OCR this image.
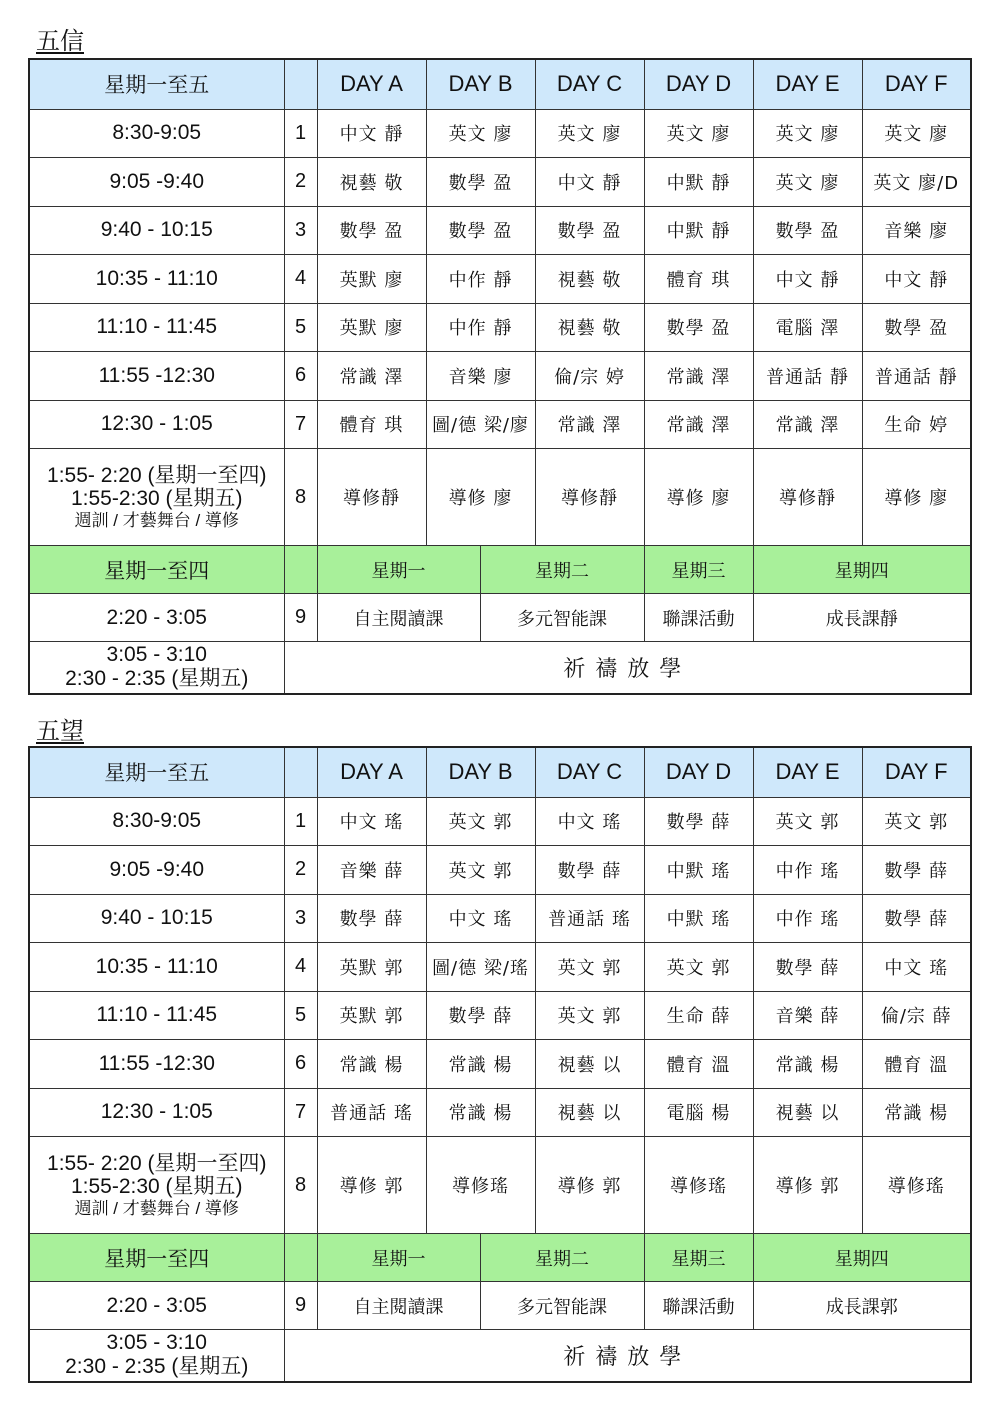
五信
星期一至五		DAY A	DAY B		DAY C	DAY D	DAY E	DAY F
8:30-9:05	1	中文 靜	英文 廖		英文 廖	英文 廖	英文 廖	英文 廖
9:05 -9:40	2	視藝 敬	數學 盈		中文 靜	中默 靜	英文 廖	英文 廖/D
9:40 - 10:15	3	數學 盈	數學 盈		數學 盈	中默 靜	數學 盈	音樂 廖
10:35 - 11:10	4	英默 廖	中作 靜		視藝 敬	體育 琪	中文 靜	中文 靜
11:10 - 11:45	5	英默 廖	中作 靜		視藝 敬	數學 盈	電腦 澤	數學 盈
11:55 -12:30	6	常識 澤	音樂 廖		倫/宗 婷	常識 澤	普通話 靜	普通話 靜
12:30 - 1:05	7	體育 琪	圖/德 梁/廖		常識 澤	常識 澤	常識 澤	生命 婷

1:55- 2:20 (星期一至四)
1:55-2:30 (星期五)
週訓 / 才藝舞台 / 導修	8	導修靜	導修 廖		導修靜	導修 廖	導修靜	導修 廖
星期一至四		星期一		星期二		星期三	星期四	
2:20 - 3:05	9	自主閱讀課		多元智能課		聯課活動	成長課靜	

3:05 - 3:10
2:30 - 2:35 (星期五)	祈禱放學							
五望
星期一至五		DAY A	DAY B		DAY C	DAY D	DAY E	DAY F
8:30-9:05	1	中文 瑤	英文 郭		中文 瑤	數學 薛	英文 郭	英文 郭
9:05 -9:40	2	音樂 薛	英文 郭		數學 薛	中默 瑤	中作 瑤	數學 薛
9:40 - 10:15	3	數學 薛	中文 瑤		普通話 瑤	中默 瑤	中作 瑤	數學 薛
10:35 - 11:10	4	英默 郭	圖/德 梁/瑤		英文 郭	英文 郭	數學 薛	中文 瑤
11:10 - 11:45	5	英默 郭	數學 薛		英文 郭	生命 薛	音樂 薛	倫/宗 薛
11:55 -12:30	6	常識 楊	常識 楊		視藝 以	體育 溫	常識 楊	體育 溫
12:30 - 1:05	7	普通話 瑤	常識 楊		視藝 以	電腦 楊	視藝 以	常識 楊

1:55- 2:20 (星期一至四)
1:55-2:30 (星期五)
週訓 / 才藝舞台 / 導修	8	導修 郭	導修瑤		導修 郭	導修瑤	導修 郭	導修瑤
星期一至四		星期一		星期二		星期三	星期四	
2:20 - 3:05	9	自主閱讀課		多元智能課		聯課活動	成長課郭	

3:05 - 3:10
2:30 - 2:35 (星期五)	祈禱放學							
